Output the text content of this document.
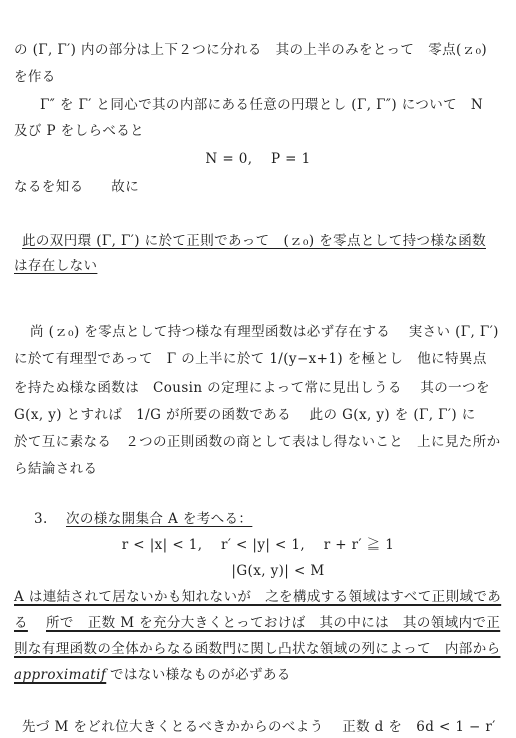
の (Γ, Γ′) 内の部分は上下２つに分れる　其の上半のみをとって　零点(ｚ₀)
を作る
Γ″ を Γ′ と同心で其の内部にある任意の円環とし (Γ, Γ″) について　N
及び P をしらべると
N = 0,　 P = 1
なるを知る　　故に
此の双円環 (Γ, Γ′) に於て正則であって　(ｚ₀) を零点として持つ様な函数
は存在しない
尚 (ｚ₀) を零点として持つ様な有理型函数は必ず存在する　 実さい (Γ, Γ′)
に於て有理型であって　Γ の上半に於て 1/(y−x+1) を極とし　他に特異点
を持たぬ様な函数は　Cousin の定理によって常に見出しうる　 其の一つを
G(x, y) とすれば　1/G が所要の函数である　 此の G(x, y) を (Γ, Γ′) に
於て互に素なる　２つの正則函数の商として表はし得ないこと　上に見た所か
ら結論される
3. 次の様な開集合 A を考へる：
r < |x| < 1,　 r′ < |y| < 1,　 r + r′ ≧ 1
|G(x, y)| < M
A は連結されて居ないかも知れないが　之を構成する領域はすべて正則域であ
る 所で　正数 M を充分大きくとっておけば　其の中には　其の領域内で正
則な有理函数の全体からなる函数門に関し凸状な領域の列によって　内部から
approximatif ではない様なものが必ずある
先づ M をどれ位大きくとるべきかからのべよう　 正数 d を　6d < 1 − r′
